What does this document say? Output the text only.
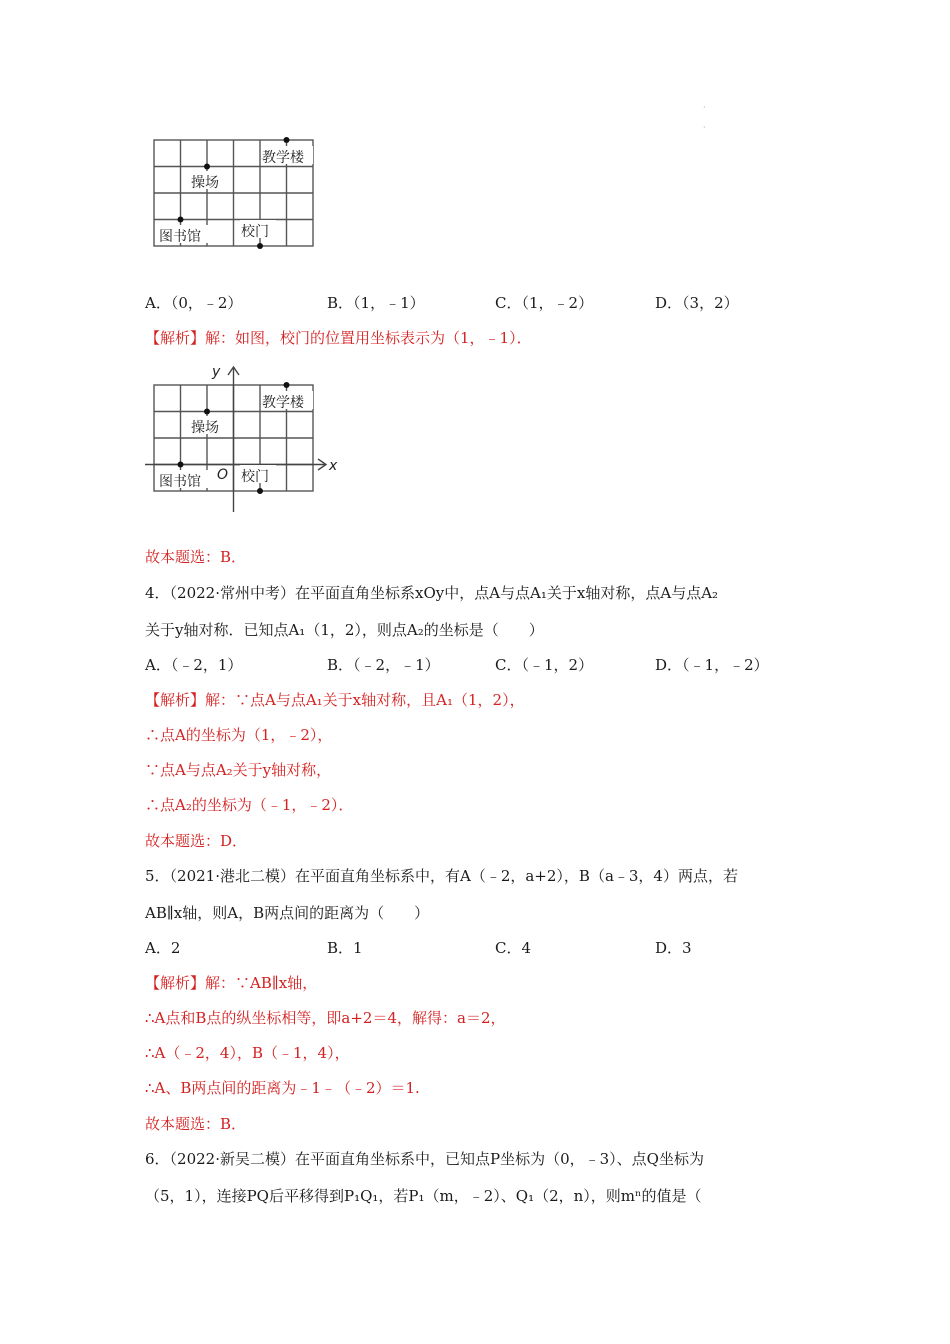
·
·
教学楼
操场
图书馆	校门
A．（0，﹣2）	B．（1，﹣1）	C．（1，﹣2）	D．（3，2）
【解析】解：如图，校门的位置用坐标表示为（1，﹣1）．
教学楼
操场
图书馆	校门
O
x
y
故本题选：B．
4．（2022·常州中考）在平面直角坐标系xOy中，点A与点A₁关于x轴对称，点A与点A₂
关于y轴对称．已知点A₁（1，2），则点A₂的坐标是（　　）
A．（﹣2，1）	B．（﹣2，﹣1）	C．（﹣1，2）	D．（﹣1，﹣2）
【解析】解：∵点A与点A₁关于x轴对称，且A₁（1，2），
∴点A的坐标为（1，﹣2），
∵点A与点A₂关于y轴对称，
∴点A₂的坐标为（﹣1，﹣2）．
故本题选：D．
5．（2021·港北二模）在平面直角坐标系中，有A（﹣2，a+2），B（a﹣3，4）两点，若
AB∥x轴，则A，B两点间的距离为（　　）
A．2	B．1	C．4	D．3
【解析】解：∵AB∥x轴，
∴A点和B点的纵坐标相等，即a+2＝4，解得：a＝2，
∴A（﹣2，4），B（﹣1，4），
∴A、B两点间的距离为﹣1﹣（﹣2）＝1.
故本题选：B．
6．（2022·新吴二模）在平面直角坐标系中，已知点P坐标为（0，﹣3）、点Q坐标为
（5，1），连接PQ后平移得到P₁Q₁，若P₁（m，﹣2）、Q₁（2，n），则mⁿ的值是（
